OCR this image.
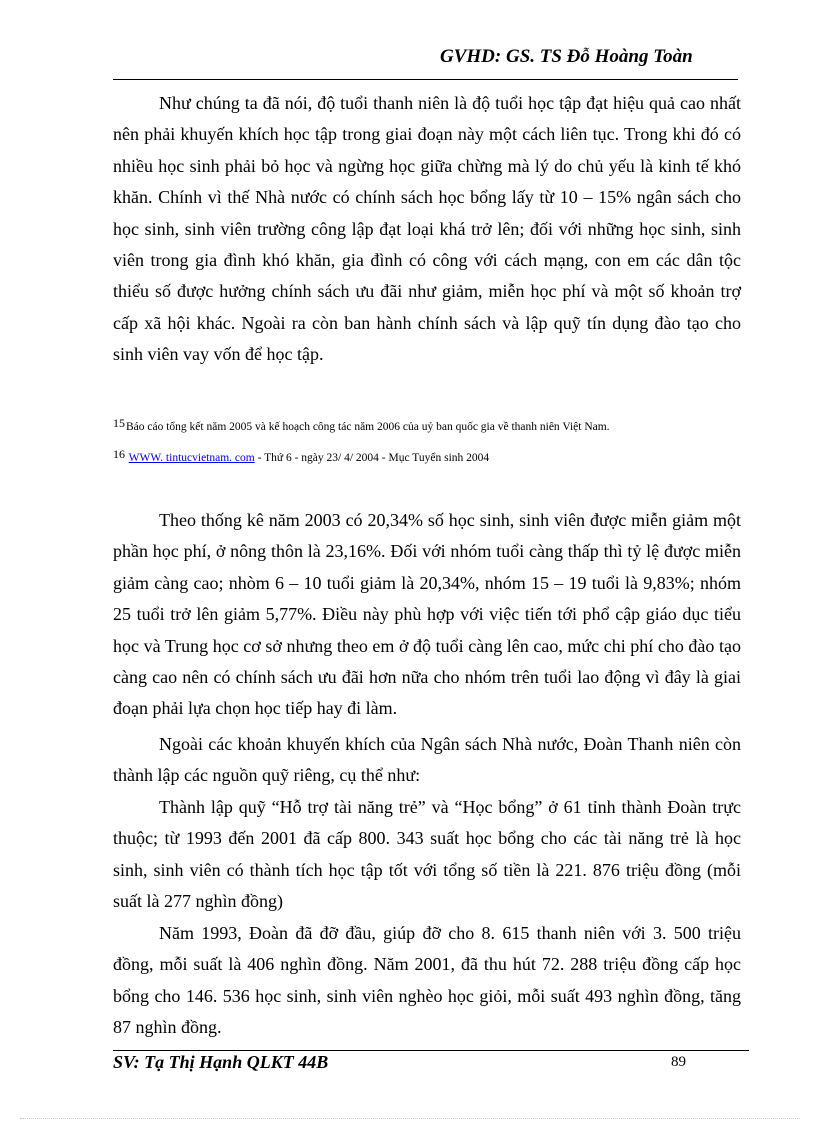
GVHD: GS. TS Đỗ Hoàng Toàn

Như chúng ta đã nói, độ tuổi thanh niên là độ tuổi học tập đạt hiệu quả cao nhất nên phải khuyến khích học tập trong giai đoạn này một cách liên tục. Trong khi đó có nhiều học sinh phải bỏ học và ngừng học giữa chừng mà lý do chủ yếu là kinh tế khó khăn. Chính vì thế Nhà nước có chính sách học bổng lấy từ 10 – 15% ngân sách cho học sinh, sinh viên trường công lập đạt loại khá trở lên; đối với những học sinh, sinh viên trong gia đình khó khăn, gia đình có công với cách mạng, con em các dân tộc thiểu số được hưởng chính sách ưu đãi như giảm, miễn học phí và một số khoản trợ cấp xã hội khác. Ngoài ra còn ban hành chính sách và lập quỹ tín dụng đào tạo cho sinh viên vay vốn để học tập.

15Báo cáo tổng kết năm 2005 và kế hoạch công tác năm 2006 của uỷ ban quốc gia về thanh niên Việt Nam.
16 WWW. tintucvietnam. com - Thứ 6 - ngày 23/ 4/ 2004 - Mục Tuyển sinh 2004

Theo thống kê năm 2003 có 20,34% số học sinh, sinh viên được miễn giảm một phần học phí, ở nông thôn là 23,16%. Đối với nhóm tuổi càng thấp thì tỷ lệ được miễn giảm càng cao; nhòm 6 – 10 tuổi giảm là 20,34%, nhóm 15 – 19 tuổi là 9,83%; nhóm 25 tuổi trở lên giảm 5,77%. Điều này phù hợp với việc tiến tới phổ cập giáo dục tiểu học và Trung học cơ sở nhưng theo em ở độ tuổi càng lên cao, mức chi phí cho đào tạo càng cao nên có chính sách ưu đãi hơn nữa cho nhóm trên tuổi lao động vì đây là giai đoạn phải lựa chọn học tiếp hay đi làm.

Ngoài các khoản khuyến khích của Ngân sách Nhà nước, Đoàn Thanh niên còn thành lập các nguồn quỹ riêng, cụ thể như:

Thành lập quỹ “Hỗ trợ tài năng trẻ” và “Học bổng” ở 61 tỉnh thành Đoàn trực thuộc; từ 1993 đến 2001 đã cấp 800. 343 suất học bổng cho các tài năng trẻ là học sinh, sinh viên có thành tích học tập tốt với tổng số tiền là 221. 876 triệu đồng (mỗi suất là 277 nghìn đồng)

Năm 1993, Đoàn đã đỡ đầu, giúp đỡ cho 8. 615 thanh niên với 3. 500 triệu đồng, mỗi suất là 406 nghìn đồng. Năm 2001, đã thu hút 72. 288 triệu đồng cấp học bổng cho 146. 536 học sinh, sinh viên nghèo học giỏi, mỗi suất 493 nghìn đồng, tăng 87 nghìn đồng.

SV: Tạ Thị Hạnh QLKT 44B	89
